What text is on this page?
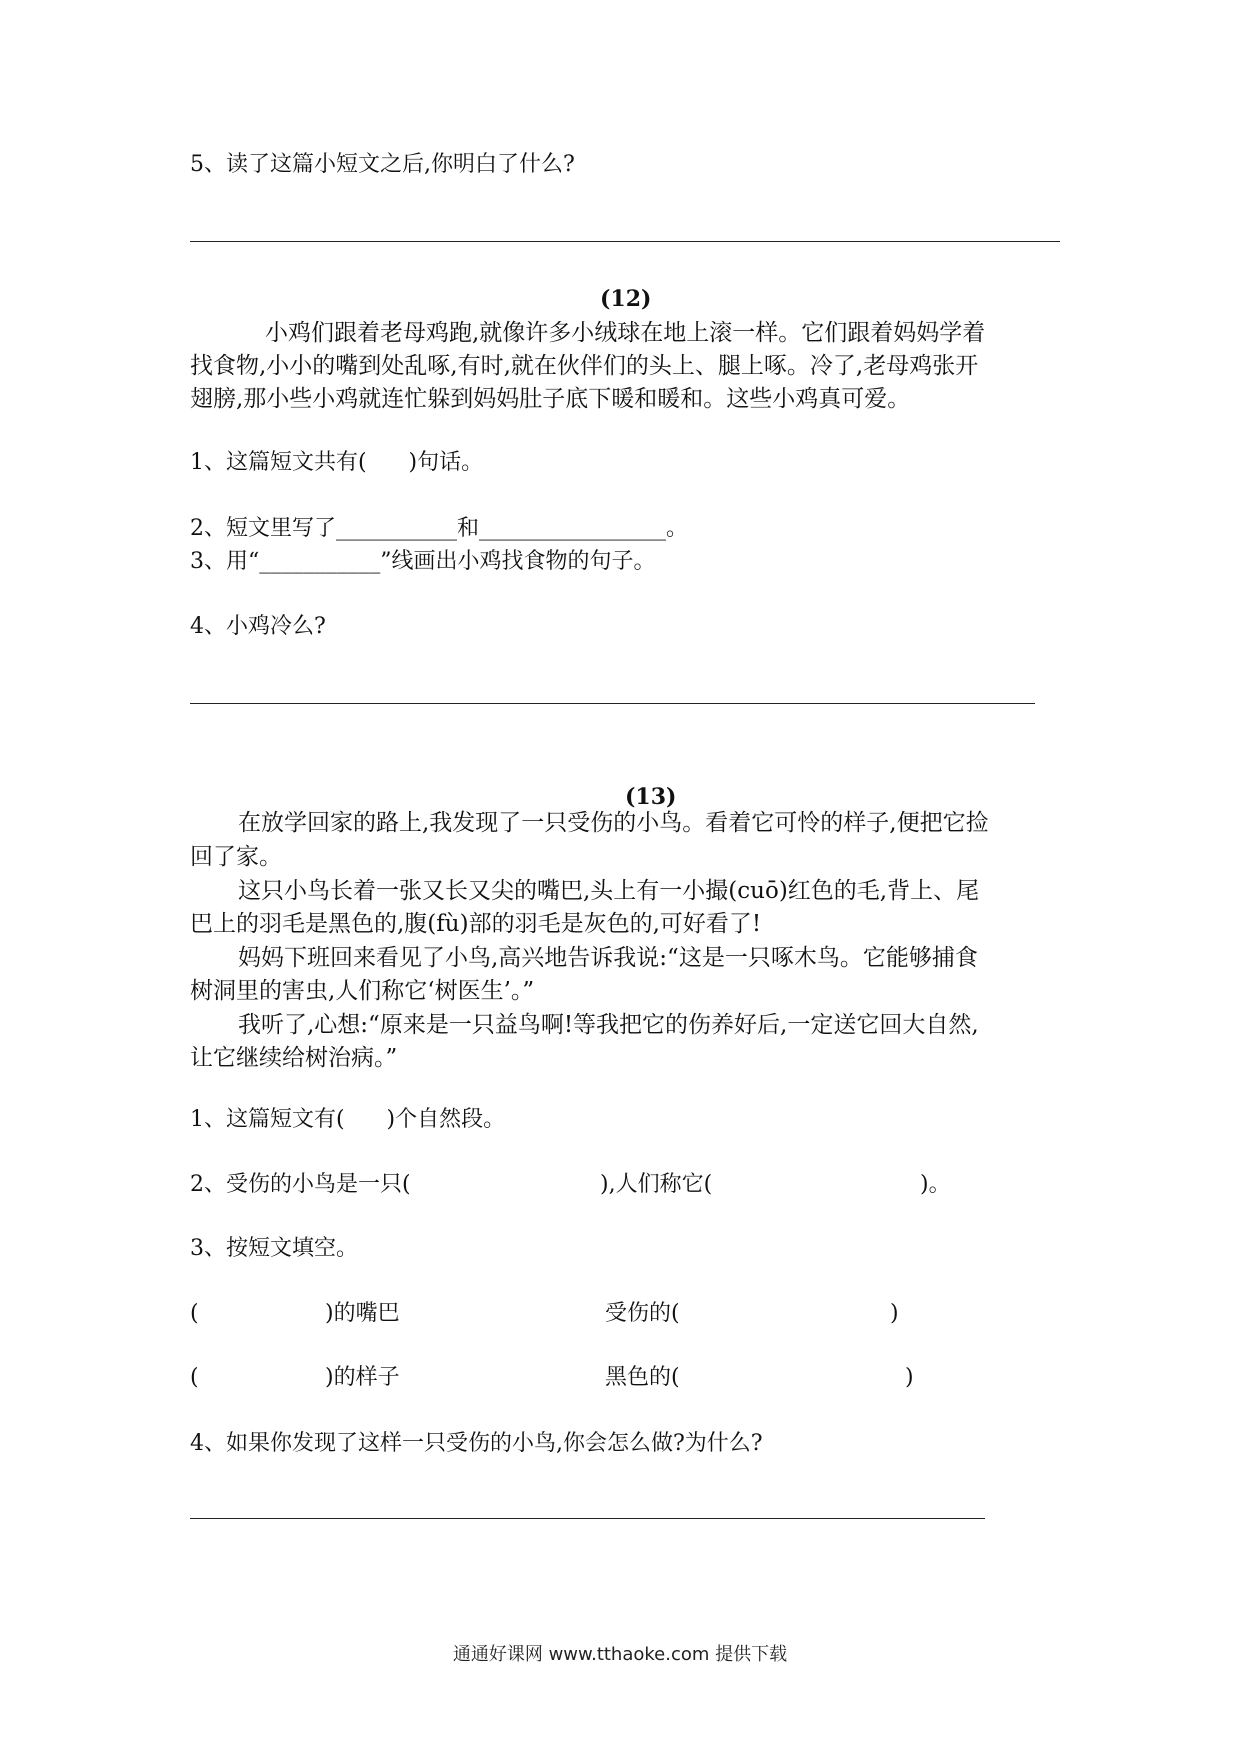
5、读了这篇小短文之后,你明白了什么?
(12)
小鸡们跟着老母鸡跑,就像许多小绒球在地上滚一样。它们跟着妈妈学着
找食物,小小的嘴到处乱啄,有时,就在伙伴们的头上、腿上啄。冷了,老母鸡张开
翅膀,那小些小鸡就连忙躲到妈妈肚子底下暖和暖和。这些小鸡真可爱。
1、这篇短文共有(      )句话。
2、短文里写了___________和_________________。
3、用“___________”线画出小鸡找食物的句子。
4、小鸡冷么?
(13)
在放学回家的路上,我发现了一只受伤的小鸟。看着它可怜的样子,便把它捡
回了家。
这只小鸟长着一张又长又尖的嘴巴,头上有一小撮(cuō)红色的毛,背上、尾
巴上的羽毛是黑色的,腹(fù)部的羽毛是灰色的,可好看了!
妈妈下班回来看见了小鸟,高兴地告诉我说:“这是一只啄木鸟。它能够捕食
树洞里的害虫,人们称它‘树医生’。”
我听了,心想:“原来是一只益鸟啊!等我把它的伤养好后,一定送它回大自然,
让它继续给树治病。”
1、这篇短文有(      )个自然段。
2、受伤的小鸟是一只(	),人们称它(	)。
3、按短文填空。
(	)的嘴巴	受伤的(	)
(	)的样子	黑色的(	)
4、如果你发现了这样一只受伤的小鸟,你会怎么做?为什么?
通通好课网 www.tthaoke.com 提供下载
